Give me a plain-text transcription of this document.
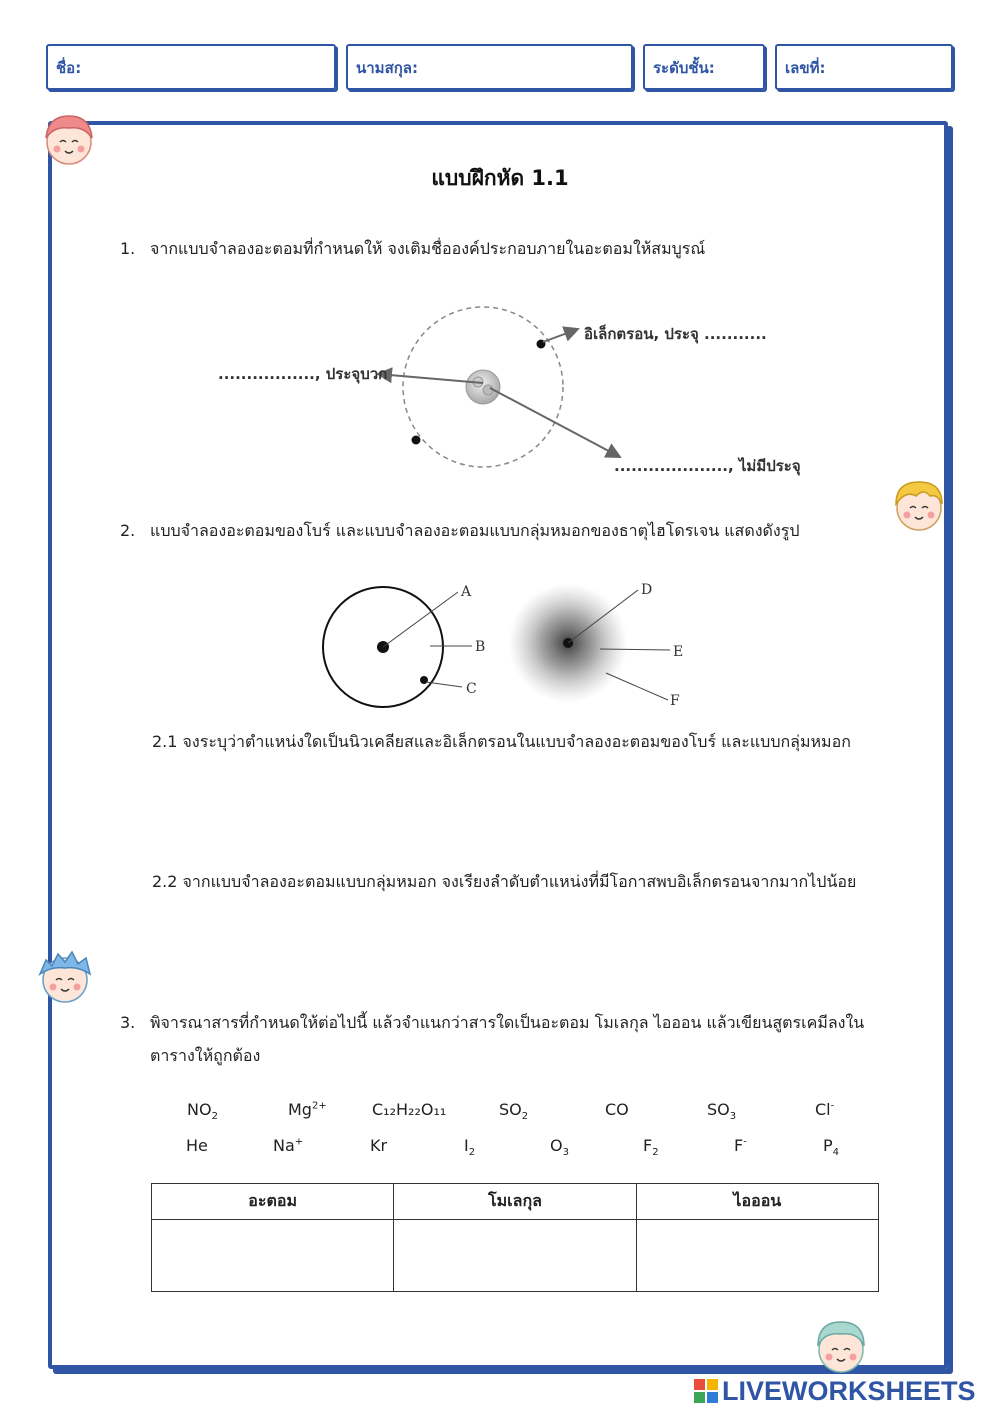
ชื่อ:	นามสกุล:	ระดับชั้น:	เลขที่:
แบบฝึกหัด 1.1
1. จากแบบจำลองอะตอมที่กำหนดให้ จงเติมชื่อองค์ประกอบภายในอะตอมให้สมบูรณ์
อิเล็กตรอน, ประจุ ...........
................., ประจุบวก
...................., ไม่มีประจุ
2. แบบจำลองอะตอมของโบร์ และแบบจำลองอะตอมแบบกลุ่มหมอกของธาตุไฮโดรเจน แสดงดังรูป
A
B
C
D
E
F
2.1 จงระบุว่าตำแหน่งใดเป็นนิวเคลียสและอิเล็กตรอนในแบบจำลองอะตอมของโบร์ และแบบกลุ่มหมอก
2.2 จากแบบจำลองอะตอมแบบกลุ่มหมอก จงเรียงลำดับตำแหน่งที่มีโอกาสพบอิเล็กตรอนจากมากไปน้อย
3. พิจารณาสารที่กำหนดให้ต่อไปนี้ แล้วจำแนกว่าสารใดเป็นอะตอม โมเลกุล ไอออน แล้วเขียนสูตรเคมีลงใน
ตารางให้ถูกต้อง
$NO_2$	$Mg^{2+}$	C₁₂H₂₂O₁₁	$SO_2$	CO	$SO_3$	Cl-
He	Na+	Kr	$I_2$	$O_3$	$F_2$	F-	$P_4$
อะตอม	โมเลกุล	ไอออน

LIVEWORKSHEETS
